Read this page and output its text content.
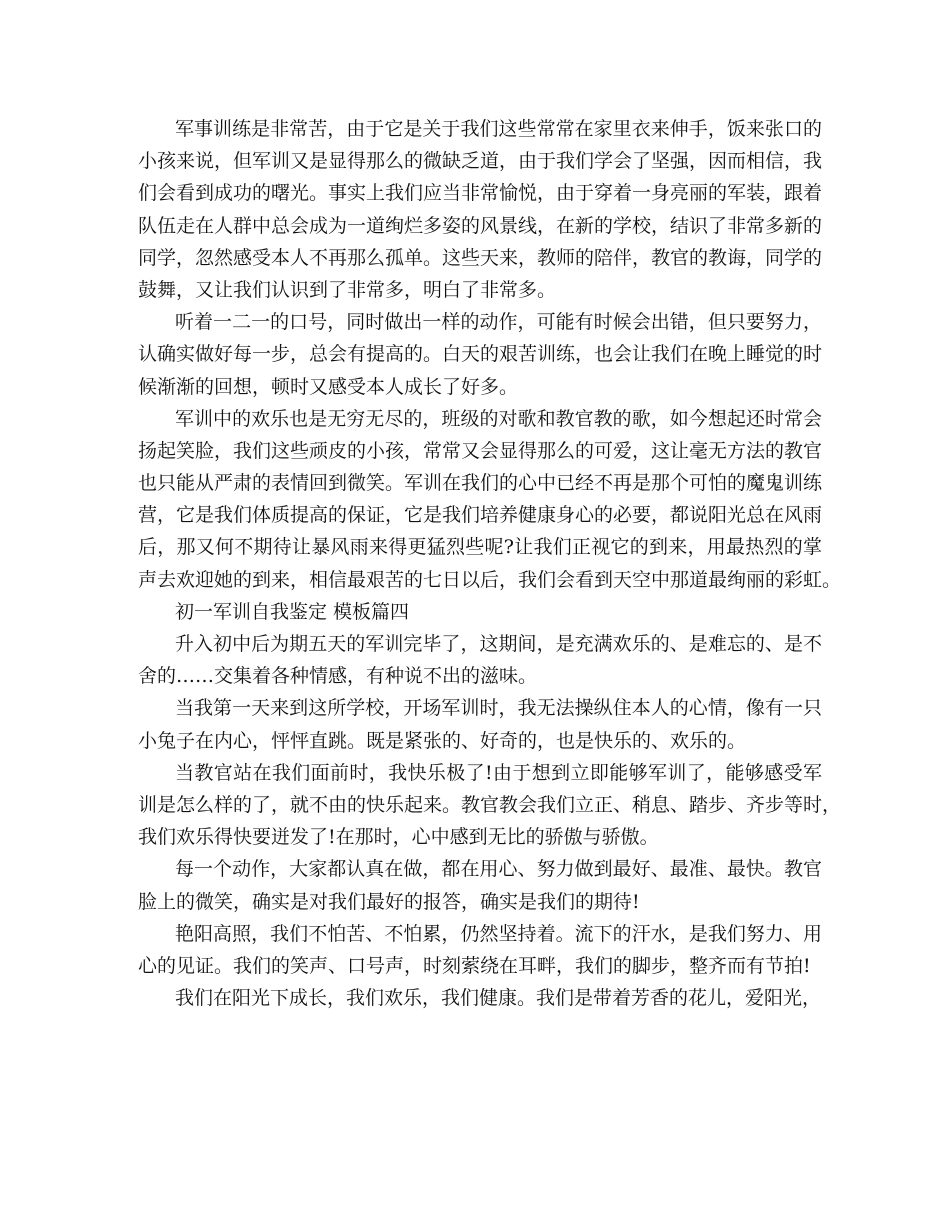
军事训练是非常苦，由于它是关于我们这些常常在家里衣来伸手，饭来张口的
小孩来说，但军训又是显得那么的微缺乏道，由于我们学会了坚强，因而相信，我
们会看到成功的曙光。事实上我们应当非常愉悦，由于穿着一身亮丽的军装，跟着
队伍走在人群中总会成为一道绚烂多姿的风景线，在新的学校，结识了非常多新的
同学，忽然感受本人不再那么孤单。这些天来，教师的陪伴，教官的教诲，同学的
鼓舞，又让我们认识到了非常多，明白了非常多。
听着一二一的口号，同时做出一样的动作，可能有时候会出错，但只要努力，
认确实做好每一步，总会有提高的。白天的艰苦训练，也会让我们在晚上睡觉的时
候渐渐的回想，顿时又感受本人成长了好多。
军训中的欢乐也是无穷无尽的，班级的对歌和教官教的歌，如今想起还时常会
扬起笑脸，我们这些顽皮的小孩，常常又会显得那么的可爱，这让毫无方法的教官
也只能从严肃的表情回到微笑。军训在我们的心中已经不再是那个可怕的魔鬼训练
营，它是我们体质提高的保证，它是我们培养健康身心的必要，都说阳光总在风雨
后，那又何不期待让暴风雨来得更猛烈些呢?让我们正视它的到来，用最热烈的掌
声去欢迎她的到来，相信最艰苦的七日以后，我们会看到天空中那道最绚丽的彩虹。
初一军训自我鉴定 模板篇四
升入初中后为期五天的军训完毕了，这期间，是充满欢乐的、是难忘的、是不
舍的……交集着各种情感，有种说不出的滋味。
当我第一天来到这所学校，开场军训时，我无法操纵住本人的心情，像有一只
小兔子在内心，怦怦直跳。既是紧张的、好奇的，也是快乐的、欢乐的。
当教官站在我们面前时，我快乐极了!由于想到立即能够军训了，能够感受军
训是怎么样的了，就不由的快乐起来。教官教会我们立正、稍息、踏步、齐步等时，
我们欢乐得快要迸发了!在那时，心中感到无比的骄傲与骄傲。
每一个动作，大家都认真在做，都在用心、努力做到最好、最准、最快。教官
脸上的微笑，确实是对我们最好的报答，确实是我们的期待!
艳阳高照，我们不怕苦、不怕累，仍然坚持着。流下的汗水，是我们努力、用
心的见证。我们的笑声、口号声，时刻萦绕在耳畔，我们的脚步，整齐而有节拍!
我们在阳光下成长，我们欢乐，我们健康。我们是带着芳香的花儿，爱阳光，
